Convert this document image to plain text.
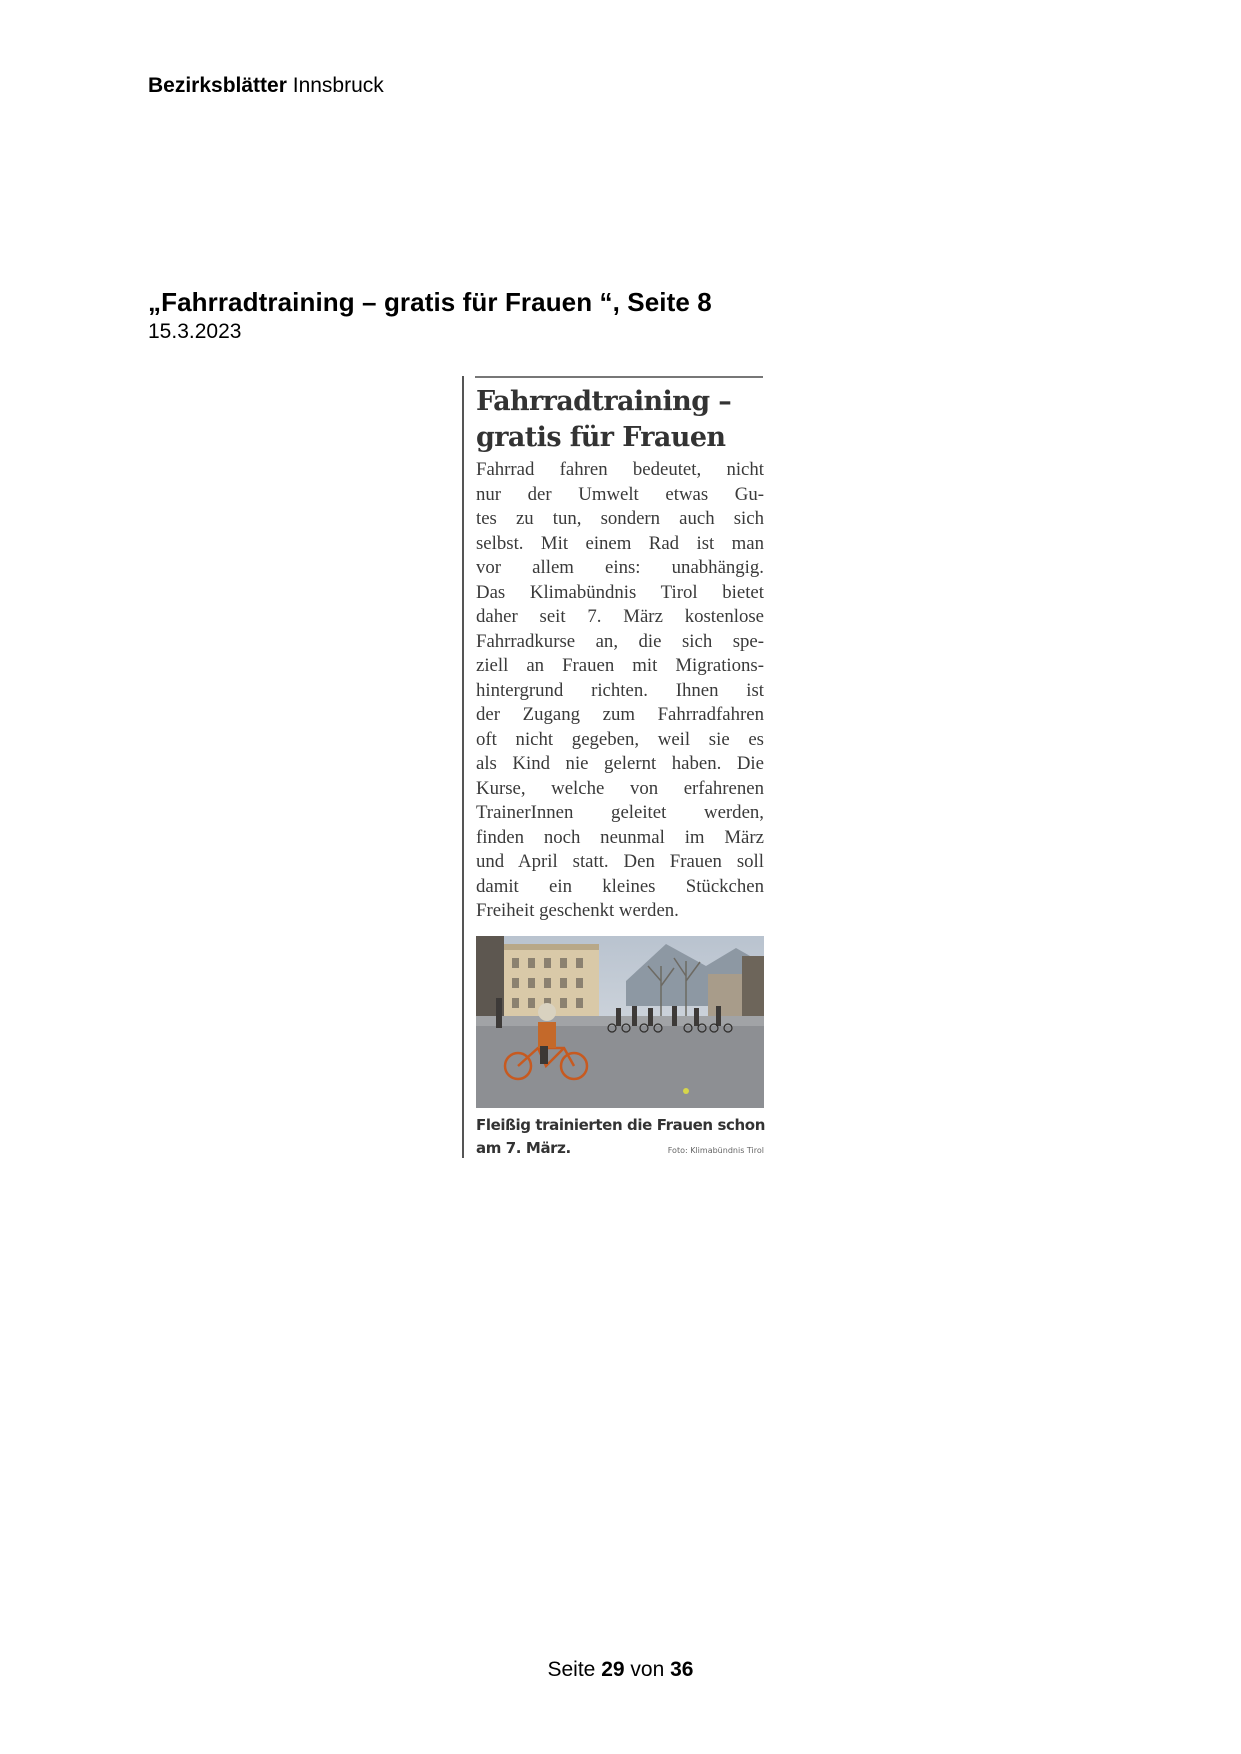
Bezirksblätter Innsbruck
„Fahrradtraining – gratis für Frauen “, Seite 8
15.3.2023
Fahrradtraining –
gratis für Frauen

Fahrrad fahren bedeutet, nicht
nur der Umwelt etwas Gu-
tes zu tun, sondern auch sich
selbst. Mit einem Rad ist man
vor allem eins: unabhängig.
Das Klimabündnis Tirol bietet
daher seit 7. März kostenlose
Fahrradkurse an, die sich spe-
ziell an Frauen mit Migrations-
hintergrund richten. Ihnen ist
der Zugang zum Fahrradfahren
oft nicht gegeben, weil sie es
als Kind nie gelernt haben. Die
Kurse, welche von erfahrenen
TrainerInnen geleitet werden,
finden noch neunmal im März
und April statt. Den Frauen soll
damit ein kleines Stückchen
Freiheit geschenkt werden.

Fleißig trainierten die Frauen schon
am 7. März.	Foto: Klimabündnis Tirol
Seite 29 von 36
